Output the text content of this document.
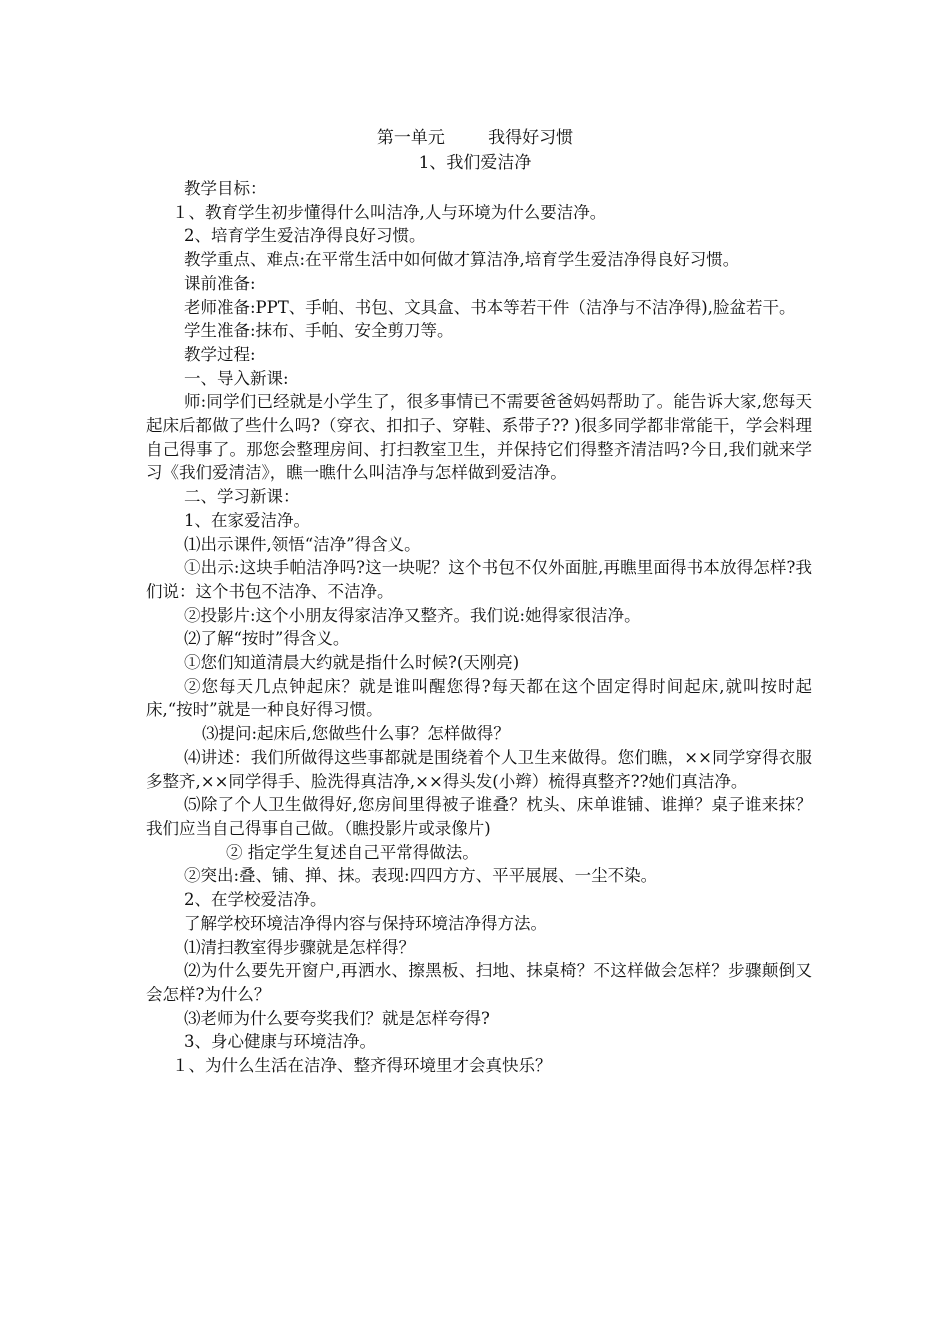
第一单元        我得好习惯
1、我们爱洁净

教学目标：

１、教育学生初步懂得什么叫洁净,人与环境为什么要洁净。

2、培育学生爱洁净得良好习惯。

教学重点、难点:在平常生活中如何做才算洁净,培育学生爱洁净得良好习惯。

课前准备:

老师准备:PPT、手帕、书包、文具盒、书本等若干件（洁净与不洁净得),脸盆若干。

学生准备:抹布、手帕、安全剪刀等。

教学过程:

一、导入新课:

师:同学们已经就是小学生了，很多事情已不需要爸爸妈妈帮助了。能告诉大家,您每天起床后都做了些什么吗?（穿衣、扣扣子、穿鞋、系带子?? )很多同学都非常能干，学会料理自己得事了。那您会整理房间、打扫教室卫生，并保持它们得整齐清洁吗?今日,我们就来学习《我们爱清洁》，瞧一瞧什么叫洁净与怎样做到爱洁净。

二、学习新课：

1、在家爱洁净。

⑴出示课件,领悟“洁净”得含义。

①出示:这块手帕洁净吗?这一块呢？这个书包不仅外面脏,再瞧里面得书本放得怎样?我们说：这个书包不洁净、不洁净。

②投影片:这个小朋友得家洁净又整齐。我们说:她得家很洁净。

⑵了解“按时”得含义。

①您们知道清晨大约就是指什么时候?(天刚亮)

②您每天几点钟起床？就是谁叫醒您得?每天都在这个固定得时间起床,就叫按时起床,“按时”就是一种良好得习惯。

⑶提问:起床后,您做些什么事？怎样做得？

⑷讲述：我们所做得这些事都就是围绕着个人卫生来做得。您们瞧，××同学穿得衣服多整齐,××同学得手、脸洗得真洁净,××得头发(小辫）梳得真整齐??她们真洁净。

⑸除了个人卫生做得好,您房间里得被子谁叠？枕头、床单谁铺、谁掸？桌子谁来抹？我们应当自己得事自己做。（瞧投影片或录像片)

② 指定学生复述自己平常得做法。

②突出:叠、铺、掸、抹。表现:四四方方、平平展展、一尘不染。

2、在学校爱洁净。

了解学校环境洁净得内容与保持环境洁净得方法。

⑴清扫教室得步骤就是怎样得？

⑵为什么要先开窗户,再洒水、擦黑板、扫地、抹桌椅？不这样做会怎样？步骤颠倒又会怎样?为什么？

⑶老师为什么要夸奖我们？就是怎样夸得?

3、身心健康与环境洁净。

１、为什么生活在洁净、整齐得环境里才会真快乐？
